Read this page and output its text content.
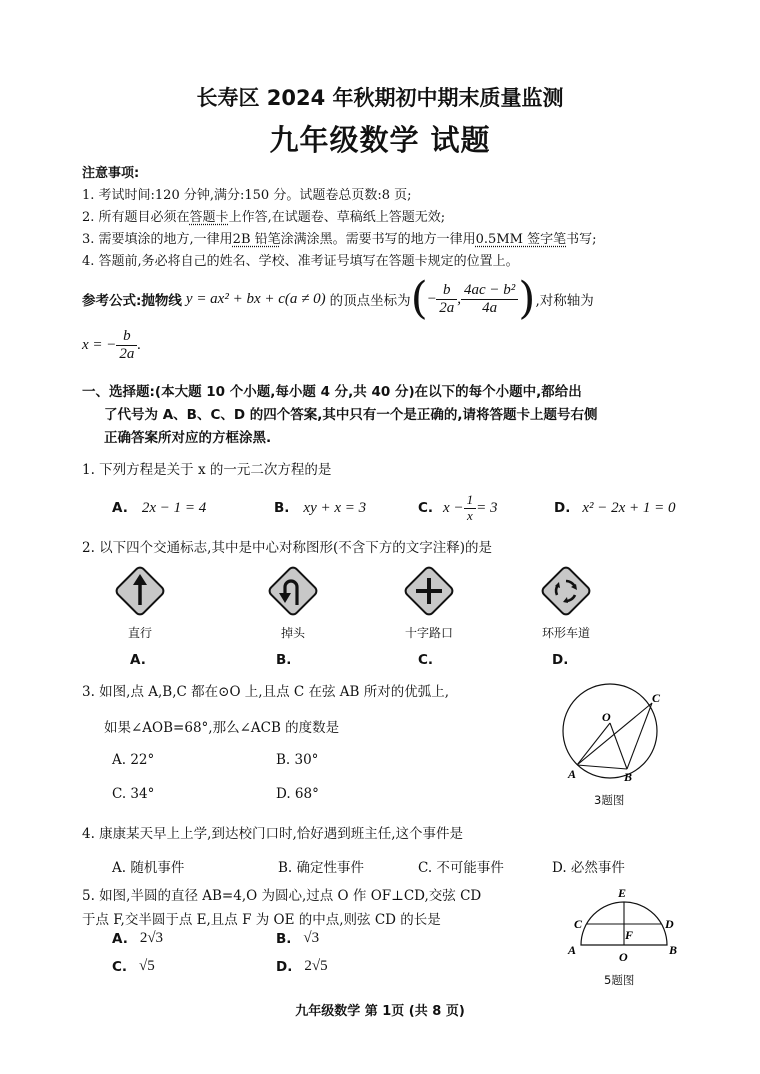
长寿区 2024 年秋期初中期末质量监测
九年级数学 试题
注意事项:
1. 考试时间:120 分钟,满分:150 分。试题卷总页数:8 页;
2. 所有题目必须在答题卡上作答,在试题卷、草稿纸上答题无效;
3. 需要填涂的地方,一律用2B 铅笔涂满涂黑。需要书写的地方一律用0.5MM 签字笔书写;
4. 答题前,务必将自己的姓名、学校、准考证号填写在答题卡规定的位置上。
参考公式:抛物线 y = ax² + bx + c(a ≠ 0) 的顶点坐标为 ( − $\frac{b}{2a}$ , $\frac{\text{4ac − b²}}{4a}$ ) ,对称轴为
x = − $\frac{b}{2a}$ .
一、选择题:(本大题 10 个小题,每小题 4 分,共 40 分)在以下的每个小题中,都给出
了代号为 A、B、C、D 的四个答案,其中只有一个是正确的,请将答题卡上题号右侧
正确答案所对应的方框涂黑.
1. 下列方程是关于 x 的一元二次方程的是
A. 2x − 1 = 4	B. xy + x = 3	C. $x - \frac{1}{x} = 3$	D. x² − 2x + 1 = 0
2. 以下四个交通标志,其中是中心对称图形(不含下方的文字注释)的是
直行	掉头	十字路口	环形车道
A.	B.	C.	D.
3. 如图,点 A,B,C 都在⊙O 上,且点 C 在弦 AB 所对的优弧上,
如果∠AOB=68°,那么∠ACB 的度数是
A. 22°	B. 30°
C. 34°	D. 68°
O
A	B
C
3题图
4. 康康某天早上上学,到达校门口时,恰好遇到班主任,这个事件是
A. 随机事件	B. 确定性事件	C. 不可能事件	D. 必然事件
5. 如图,半圆的直径 AB=4,O 为圆心,过点 O 作 OF⊥CD,交弦 CD
于点 F,交半圆于点 E,且点 F 为 OE 的中点,则弦 CD 的长是
A. 2√3	B. √3
C. √5	D. 2√5
E
C	D
F
A	O	B
5题图
九年级数学 第 1页 (共 8 页)
